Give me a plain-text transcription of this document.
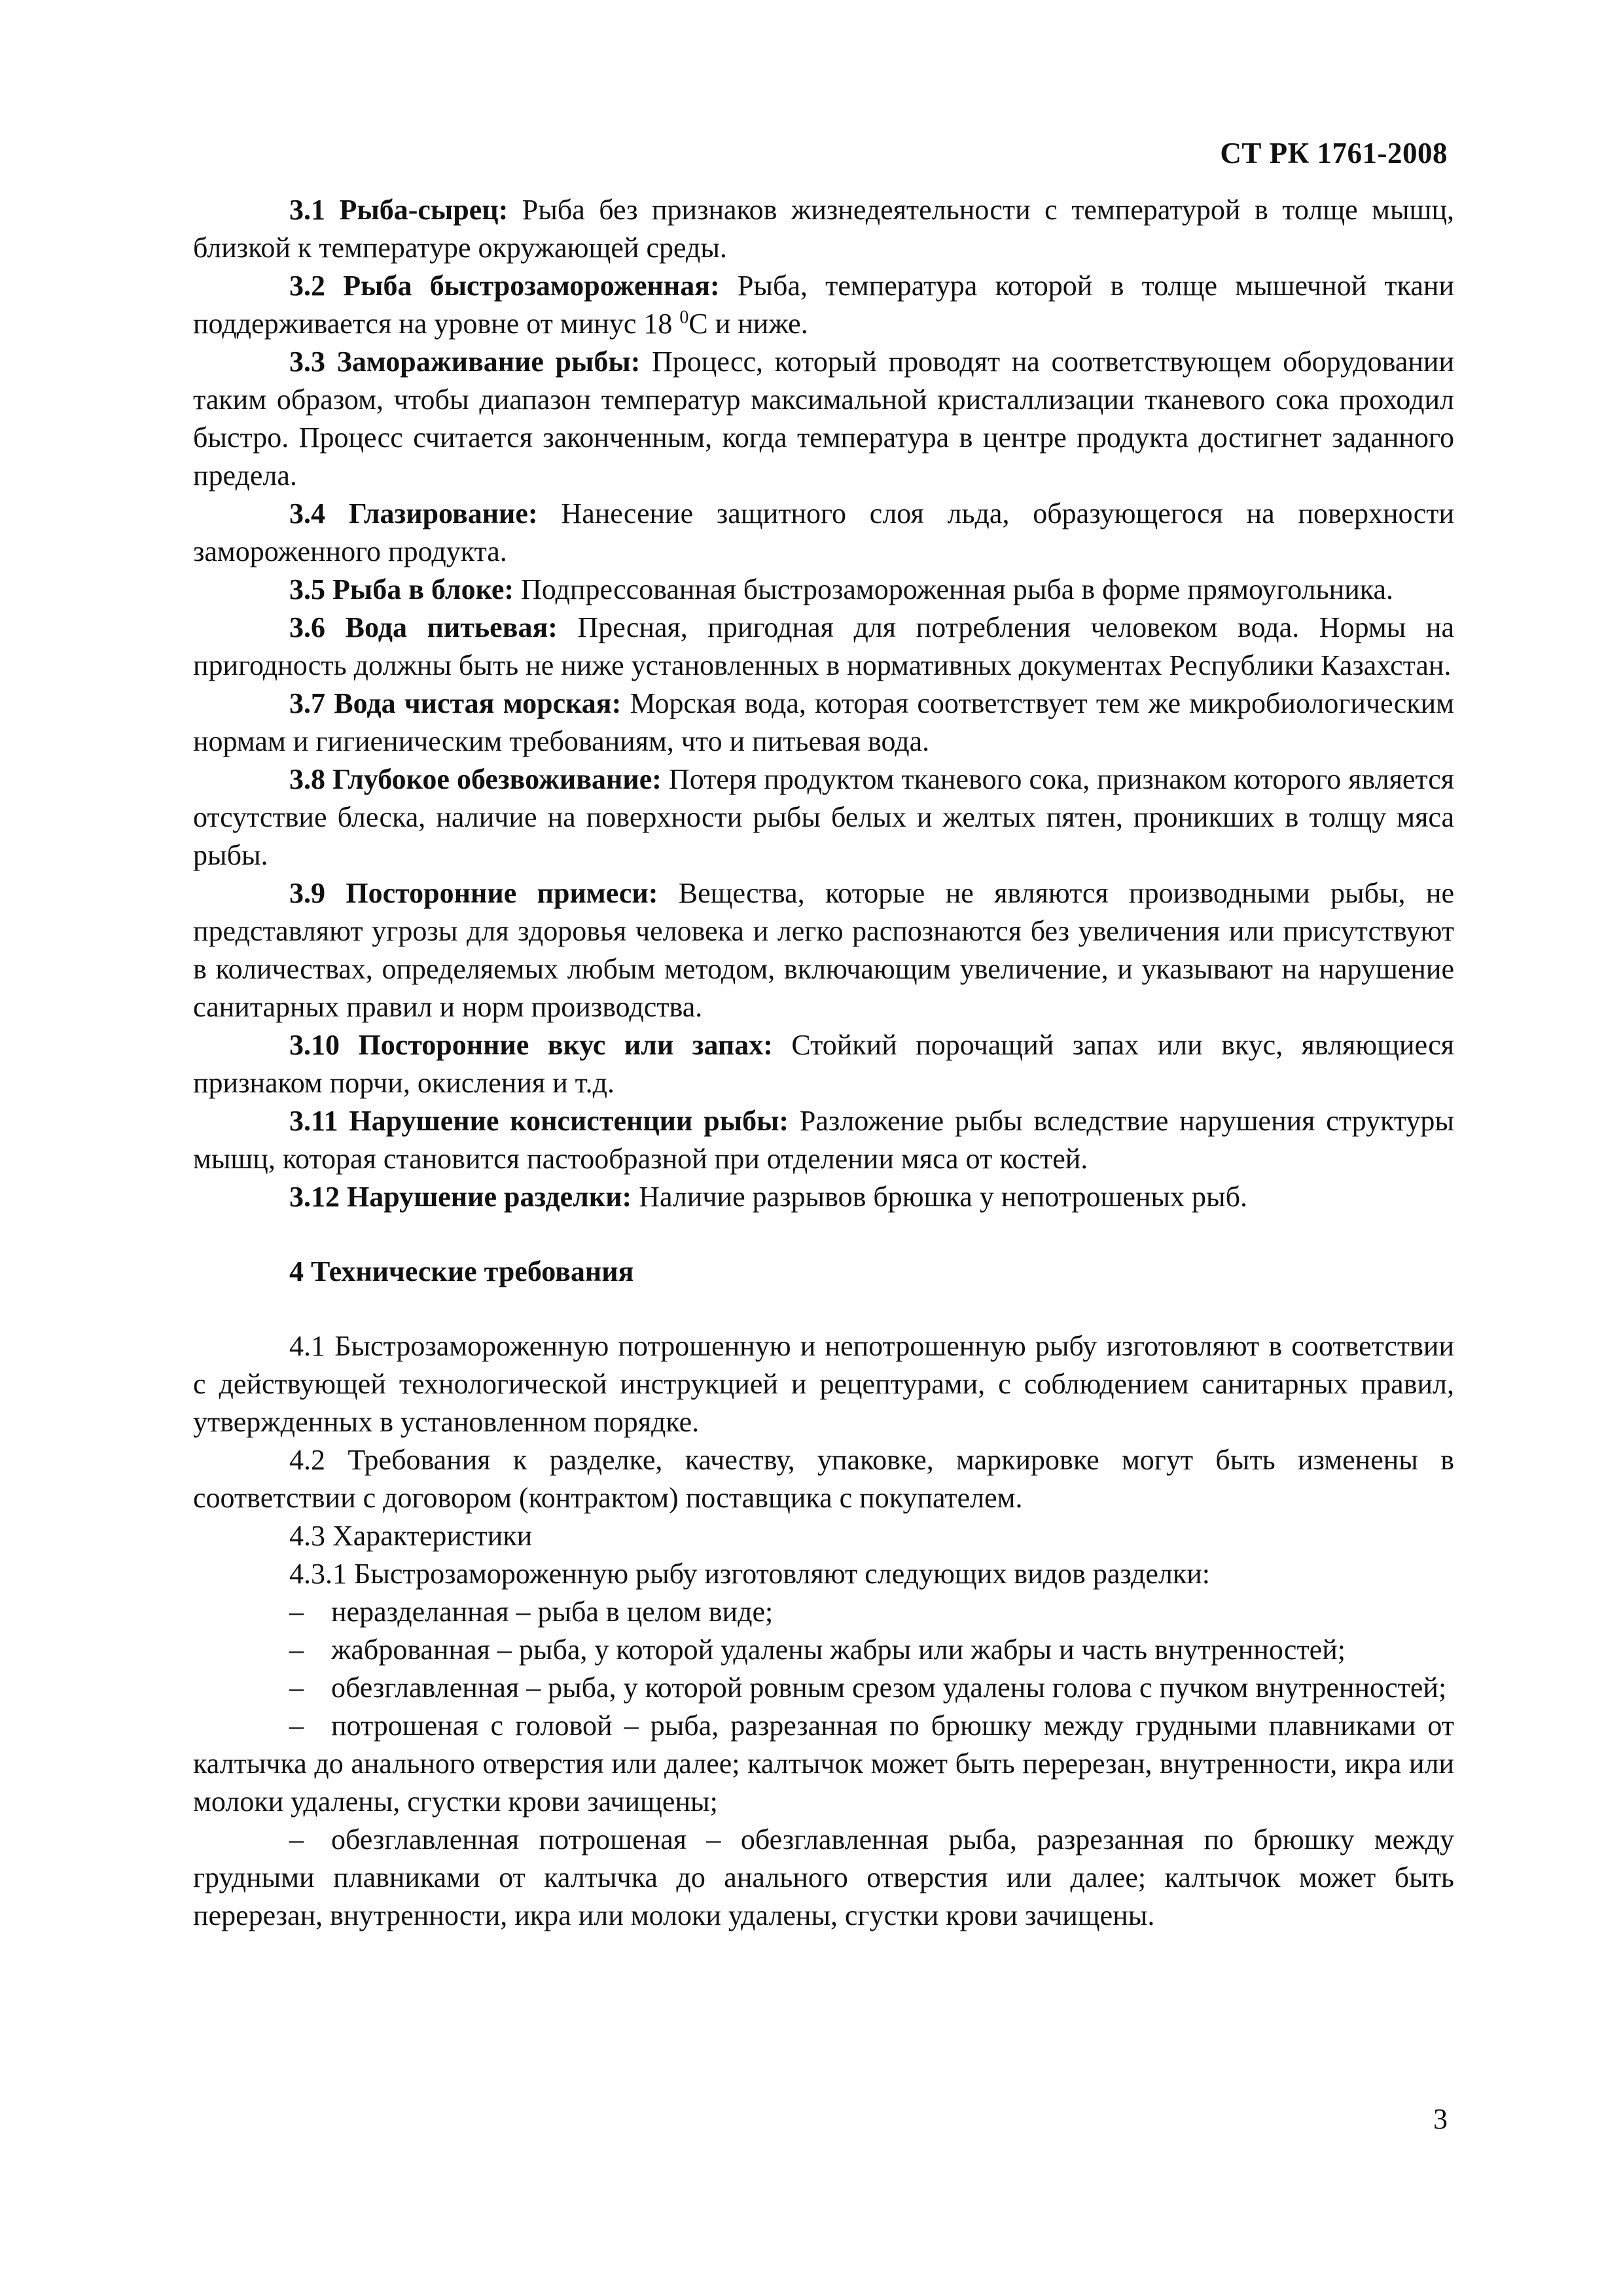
СТ РК 1761-2008

3.1 Рыба-сырец: Рыба без признаков жизнедеятельности с температурой в толще мышц, близкой к температуре окружающей среды.

3.2 Рыба быстрозамороженная: Рыба, температура которой в толще мышечной ткани поддерживается на уровне от минус 18 $^0$С и ниже.

3.3 Замораживание рыбы: Процесс, который проводят на соответствующем оборудовании таким образом, чтобы диапазон температур максимальной кристаллизации тканевого сока проходил быстро. Процесс считается законченным, когда температура в центре продукта достигнет заданного предела.

3.4 Глазирование: Нанесение защитного слоя льда, образующегося на поверхности замороженного продукта.

3.5 Рыба в блоке: Подпрессованная быстрозамороженная рыба в форме прямоугольника.

3.6 Вода питьевая: Пресная, пригодная для потребления человеком вода. Нормы на пригодность должны быть не ниже установленных в нормативных документах Республики Казахстан.

3.7 Вода чистая морская: Морская вода, которая соответствует тем же микробиологическим нормам и гигиеническим требованиям, что и питьевая вода.

3.8 Глубокое обезвоживание: Потеря продуктом тканевого сока, признаком которого является отсутствие блеска, наличие на поверхности рыбы белых и желтых пятен, проникших в толщу мяса рыбы.

3.9 Посторонние примеси: Вещества, которые не являются производными рыбы, не представляют угрозы для здоровья человека и легко распознаются без увеличения или присутствуют в количествах, определяемых любым методом, включающим увеличение, и указывают на нарушение санитарных правил и норм производства.

3.10 Посторонние вкус или запах: Стойкий порочащий запах или вкус, являющиеся признаком порчи, окисления и т.д.

3.11 Нарушение консистенции рыбы: Разложение рыбы вследствие нарушения структуры мышц, которая становится пастообразной при отделении мяса от костей.

3.12 Нарушение разделки: Наличие разрывов брюшка у непотрошеных рыб.

4 Технические требования

4.1 Быстрозамороженную потрошенную и непотрошенную рыбу изготовляют в соответствии с действующей технологической инструкцией и рецептурами, с соблюдением санитарных правил, утвержденных в установленном порядке.

4.2 Требования к разделке, качеству, упаковке, маркировке могут быть изменены в соответствии с договором (контрактом) поставщика с покупателем.

4.3 Характеристики

4.3.1 Быстрозамороженную рыбу изготовляют следующих видов разделки:

– неразделанная – рыба в целом виде;

– жаброванная – рыба, у которой удалены жабры или жабры и часть внутренностей;

– обезглавленная – рыба, у которой ровным срезом удалены голова с пучком внутренностей;

– потрошеная с головой – рыба, разрезанная по брюшку между грудными плавниками от калтычка до анального отверстия или далее; калтычок может быть перерезан, внутренности, икра или молоки удалены, сгустки крови зачищены;

– обезглавленная потрошеная – обезглавленная рыба, разрезанная по брюшку между грудными плавниками от калтычка до анального отверстия или далее; калтычок может быть перерезан, внутренности, икра или молоки удалены, сгустки крови зачищены.

3
